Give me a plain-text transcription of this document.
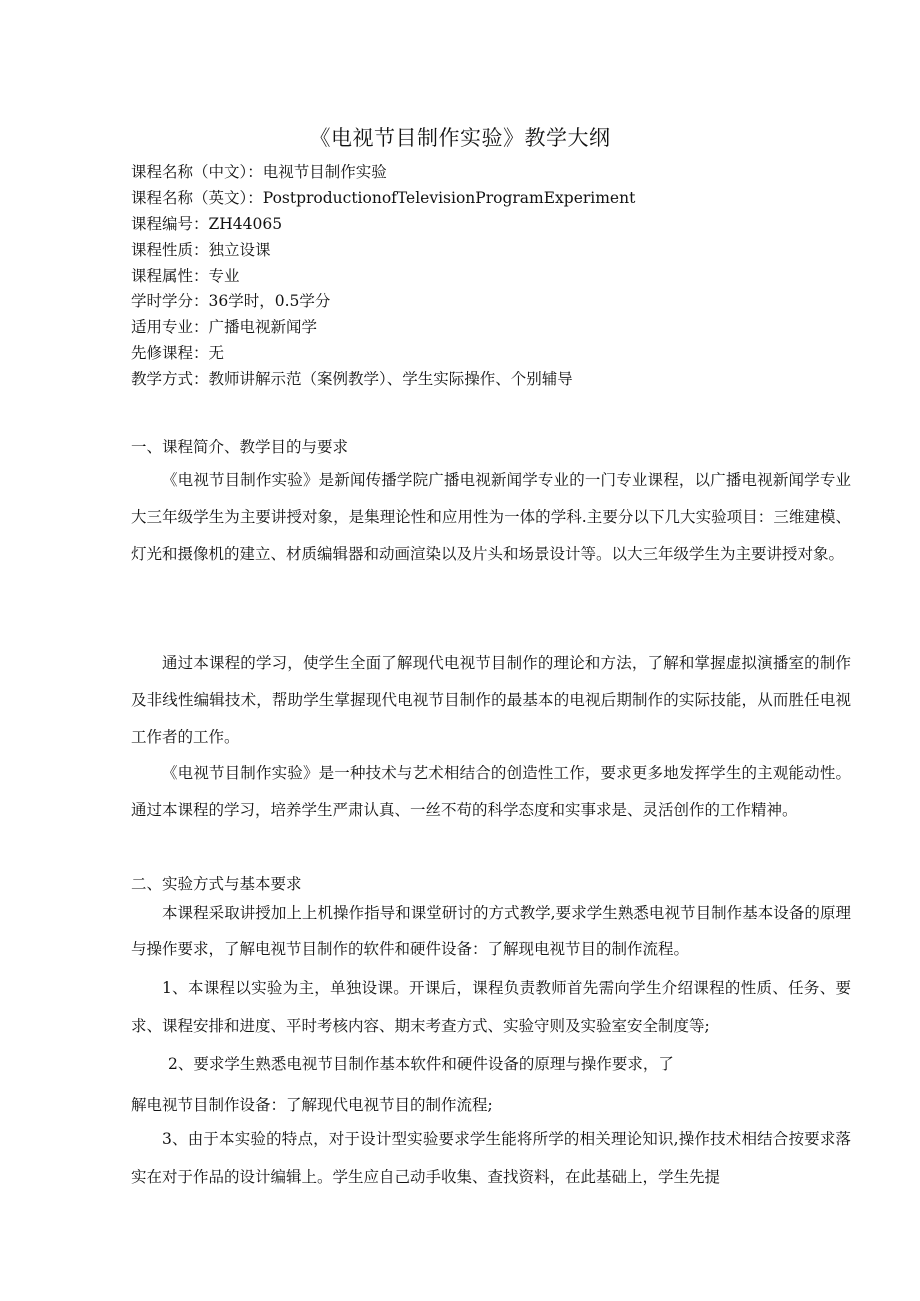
《电视节目制作实验》教学大纲
课程名称（中文）：电视节目制作实验
课程名称（英文）：PostproductionofTelevisionProgramExperiment
课程编号：ZH44065
课程性质：独立设课
课程属性：专业
学时学分：36学时，0.5学分
适用专业：广播电视新闻学
先修课程：无
教学方式：教师讲解示范（案例教学）、学生实际操作、个别辅导
一、课程简介、教学目的与要求
《电视节目制作实验》是新闻传播学院广播电视新闻学专业的一门专业课程，以广播电视新闻学专业大三年级学生为主要讲授对象，是集理论性和应用性为一体的学科.主要分以下几大实验项目：三维建模、灯光和摄像机的建立、材质编辑器和动画渲染以及片头和场景设计等。以大三年级学生为主要讲授对象。
通过本课程的学习，使学生全面了解现代电视节目制作的理论和方法，了解和掌握虚拟演播室的制作及非线性编辑技术，帮助学生掌握现代电视节目制作的最基本的电视后期制作的实际技能，从而胜任电视工作者的工作。
《电视节目制作实验》是一种技术与艺术相结合的创造性工作，要求更多地发挥学生的主观能动性。通过本课程的学习，培养学生严肃认真、一丝不苟的科学态度和实事求是、灵活创作的工作精神。
二、实验方式与基本要求
本课程采取讲授加上上机操作指导和课堂研讨的方式教学,要求学生熟悉电视节目制作基本设备的原理与操作要求，了解电视节目制作的软件和硬件设备：了解现电视节目的制作流程。
1、本课程以实验为主，单独设课。开课后，课程负责教师首先需向学生介绍课程的性质、任务、要求、课程安排和进度、平时考核内容、期末考查方式、实验守则及实验室安全制度等;
2、要求学生熟悉电视节目制作基本软件和硬件设备的原理与操作要求，了
解电视节目制作设备：了解现代电视节目的制作流程;
3、由于本实验的特点，对于设计型实验要求学生能将所学的相关理论知识,操作技术相结合按要求落实在对于作品的设计编辑上。学生应自己动手收集、查找资料，在此基础上，学生先提
